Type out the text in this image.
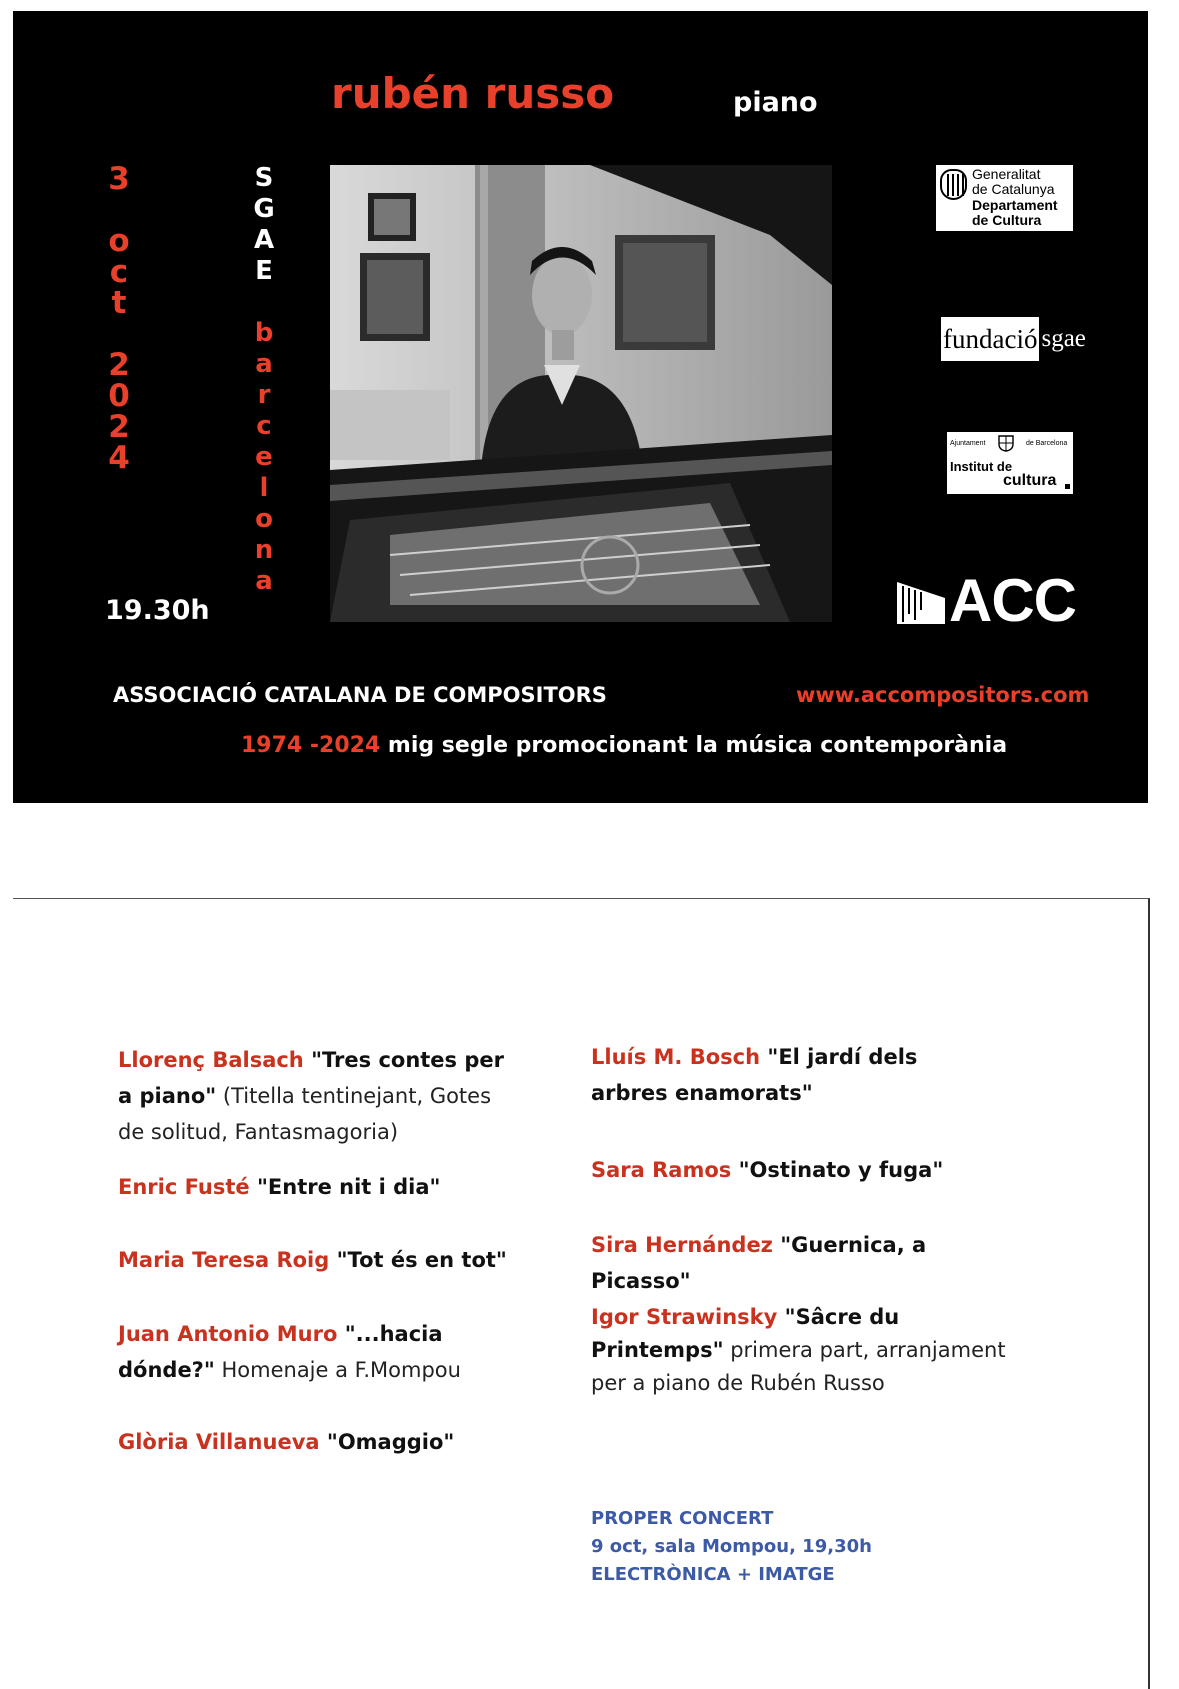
rubén russo	piano
3
o
c
t
2
0
2
4
S
G
A
E
b
a
r
c
e
l
o
n
a
19.30h
Generalitat
de Catalunya
Departament
de Cultura
fundació sgae
Ajuntament	de Barcelona
Institut de
cultura
ACC
ASSOCIACIÓ CATALANA DE COMPOSITORS	www.accompositors.com
1974 -2024 mig segle promocionant la música contemporània
Llorenç Balsach "Tres contes per a piano" (Titella tentinejant, Gotes de solitud, Fantasmagoria)
Enric Fusté "Entre nit i dia"
Maria Teresa Roig "Tot és en tot"
Juan Antonio Muro "...hacia dónde?" Homenaje a F.Mompou
Glòria Villanueva "Omaggio"
Lluís M. Bosch "El jardí dels arbres enamorats"
Sara Ramos "Ostinato y fuga"
Sira Hernández "Guernica, a Picasso"
Igor Strawinsky "Sâcre du Printemps" primera part, arranjament per a piano de Rubén Russo
PROPER CONCERT
9 oct, sala Mompou, 19,30h
ELECTRÒNICA + IMATGE
